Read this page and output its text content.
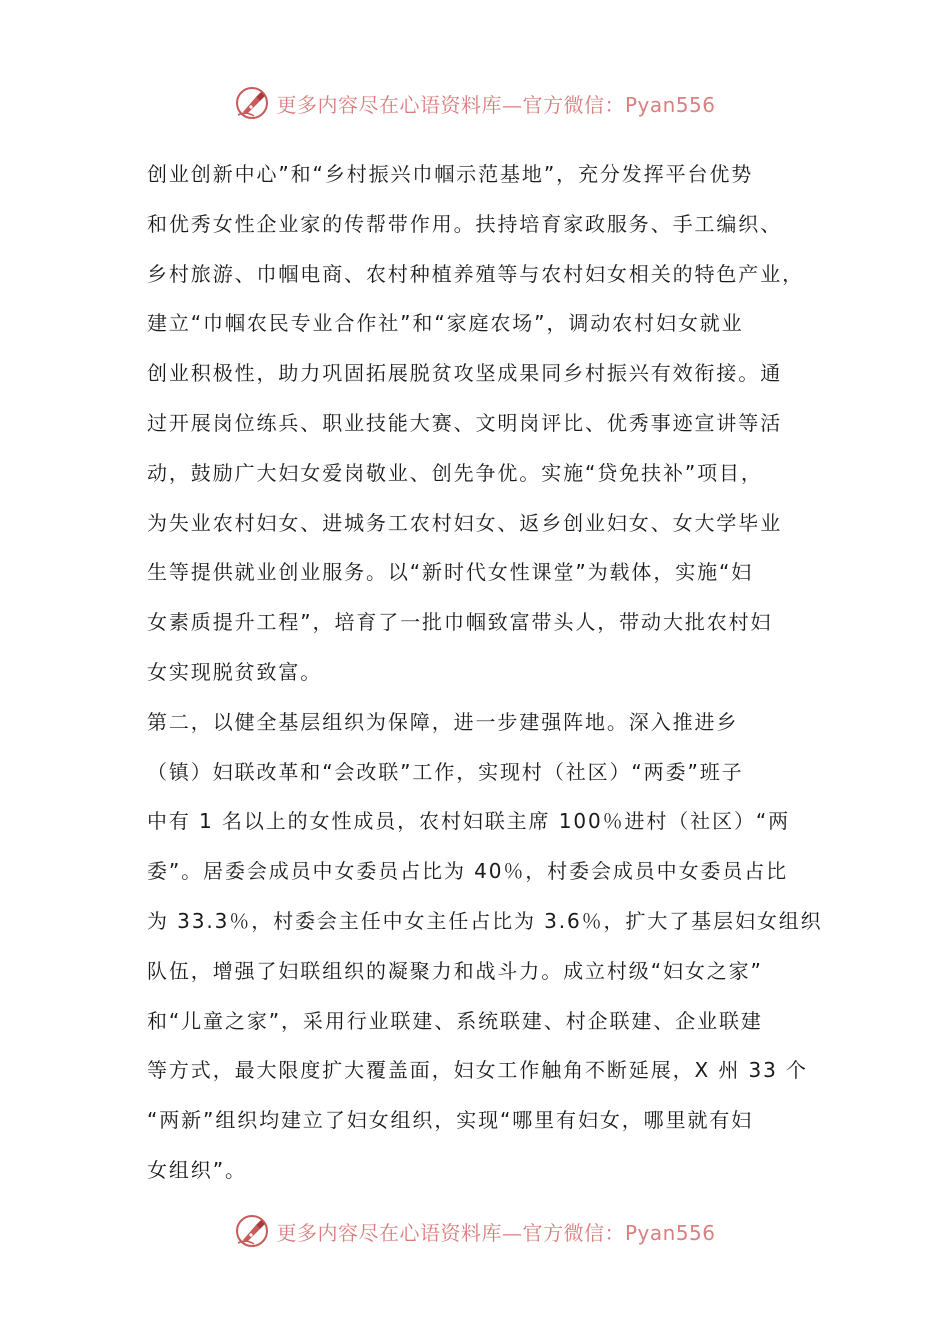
更多内容尽在心语资料库—官方微信：Pyan556
创业创新中心”和“乡村振兴巾帼示范基地”，充分发挥平台优势
和优秀女性企业家的传帮带作用。扶持培育家政服务、手工编织、
乡村旅游、巾帼电商、农村种植养殖等与农村妇女相关的特色产业，
建立“巾帼农民专业合作社”和“家庭农场”，调动农村妇女就业
创业积极性，助力巩固拓展脱贫攻坚成果同乡村振兴有效衔接。通
过开展岗位练兵、职业技能大赛、文明岗评比、优秀事迹宣讲等活
动，鼓励广大妇女爱岗敬业、创先争优。实施“贷免扶补”项目，
为失业农村妇女、进城务工农村妇女、返乡创业妇女、女大学毕业
生等提供就业创业服务。以“新时代女性课堂”为载体，实施“妇
女素质提升工程”，培育了一批巾帼致富带头人，带动大批农村妇
女实现脱贫致富。
第二，以健全基层组织为保障，进一步建强阵地。深入推进乡
（镇）妇联改革和“会改联”工作，实现村（社区）“两委”班子
中有 1 名以上的女性成员，农村妇联主席 100％进村（社区）“两
委”。居委会成员中女委员占比为 40％，村委会成员中女委员占比
为 33.3％，村委会主任中女主任占比为 3.6％，扩大了基层妇女组织
队伍，增强了妇联组织的凝聚力和战斗力。成立村级“妇女之家”
和“儿童之家”，采用行业联建、系统联建、村企联建、企业联建
等方式，最大限度扩大覆盖面，妇女工作触角不断延展，X 州 33 个
“两新”组织均建立了妇女组织，实现“哪里有妇女，哪里就有妇
女组织”。
更多内容尽在心语资料库—官方微信：Pyan556
